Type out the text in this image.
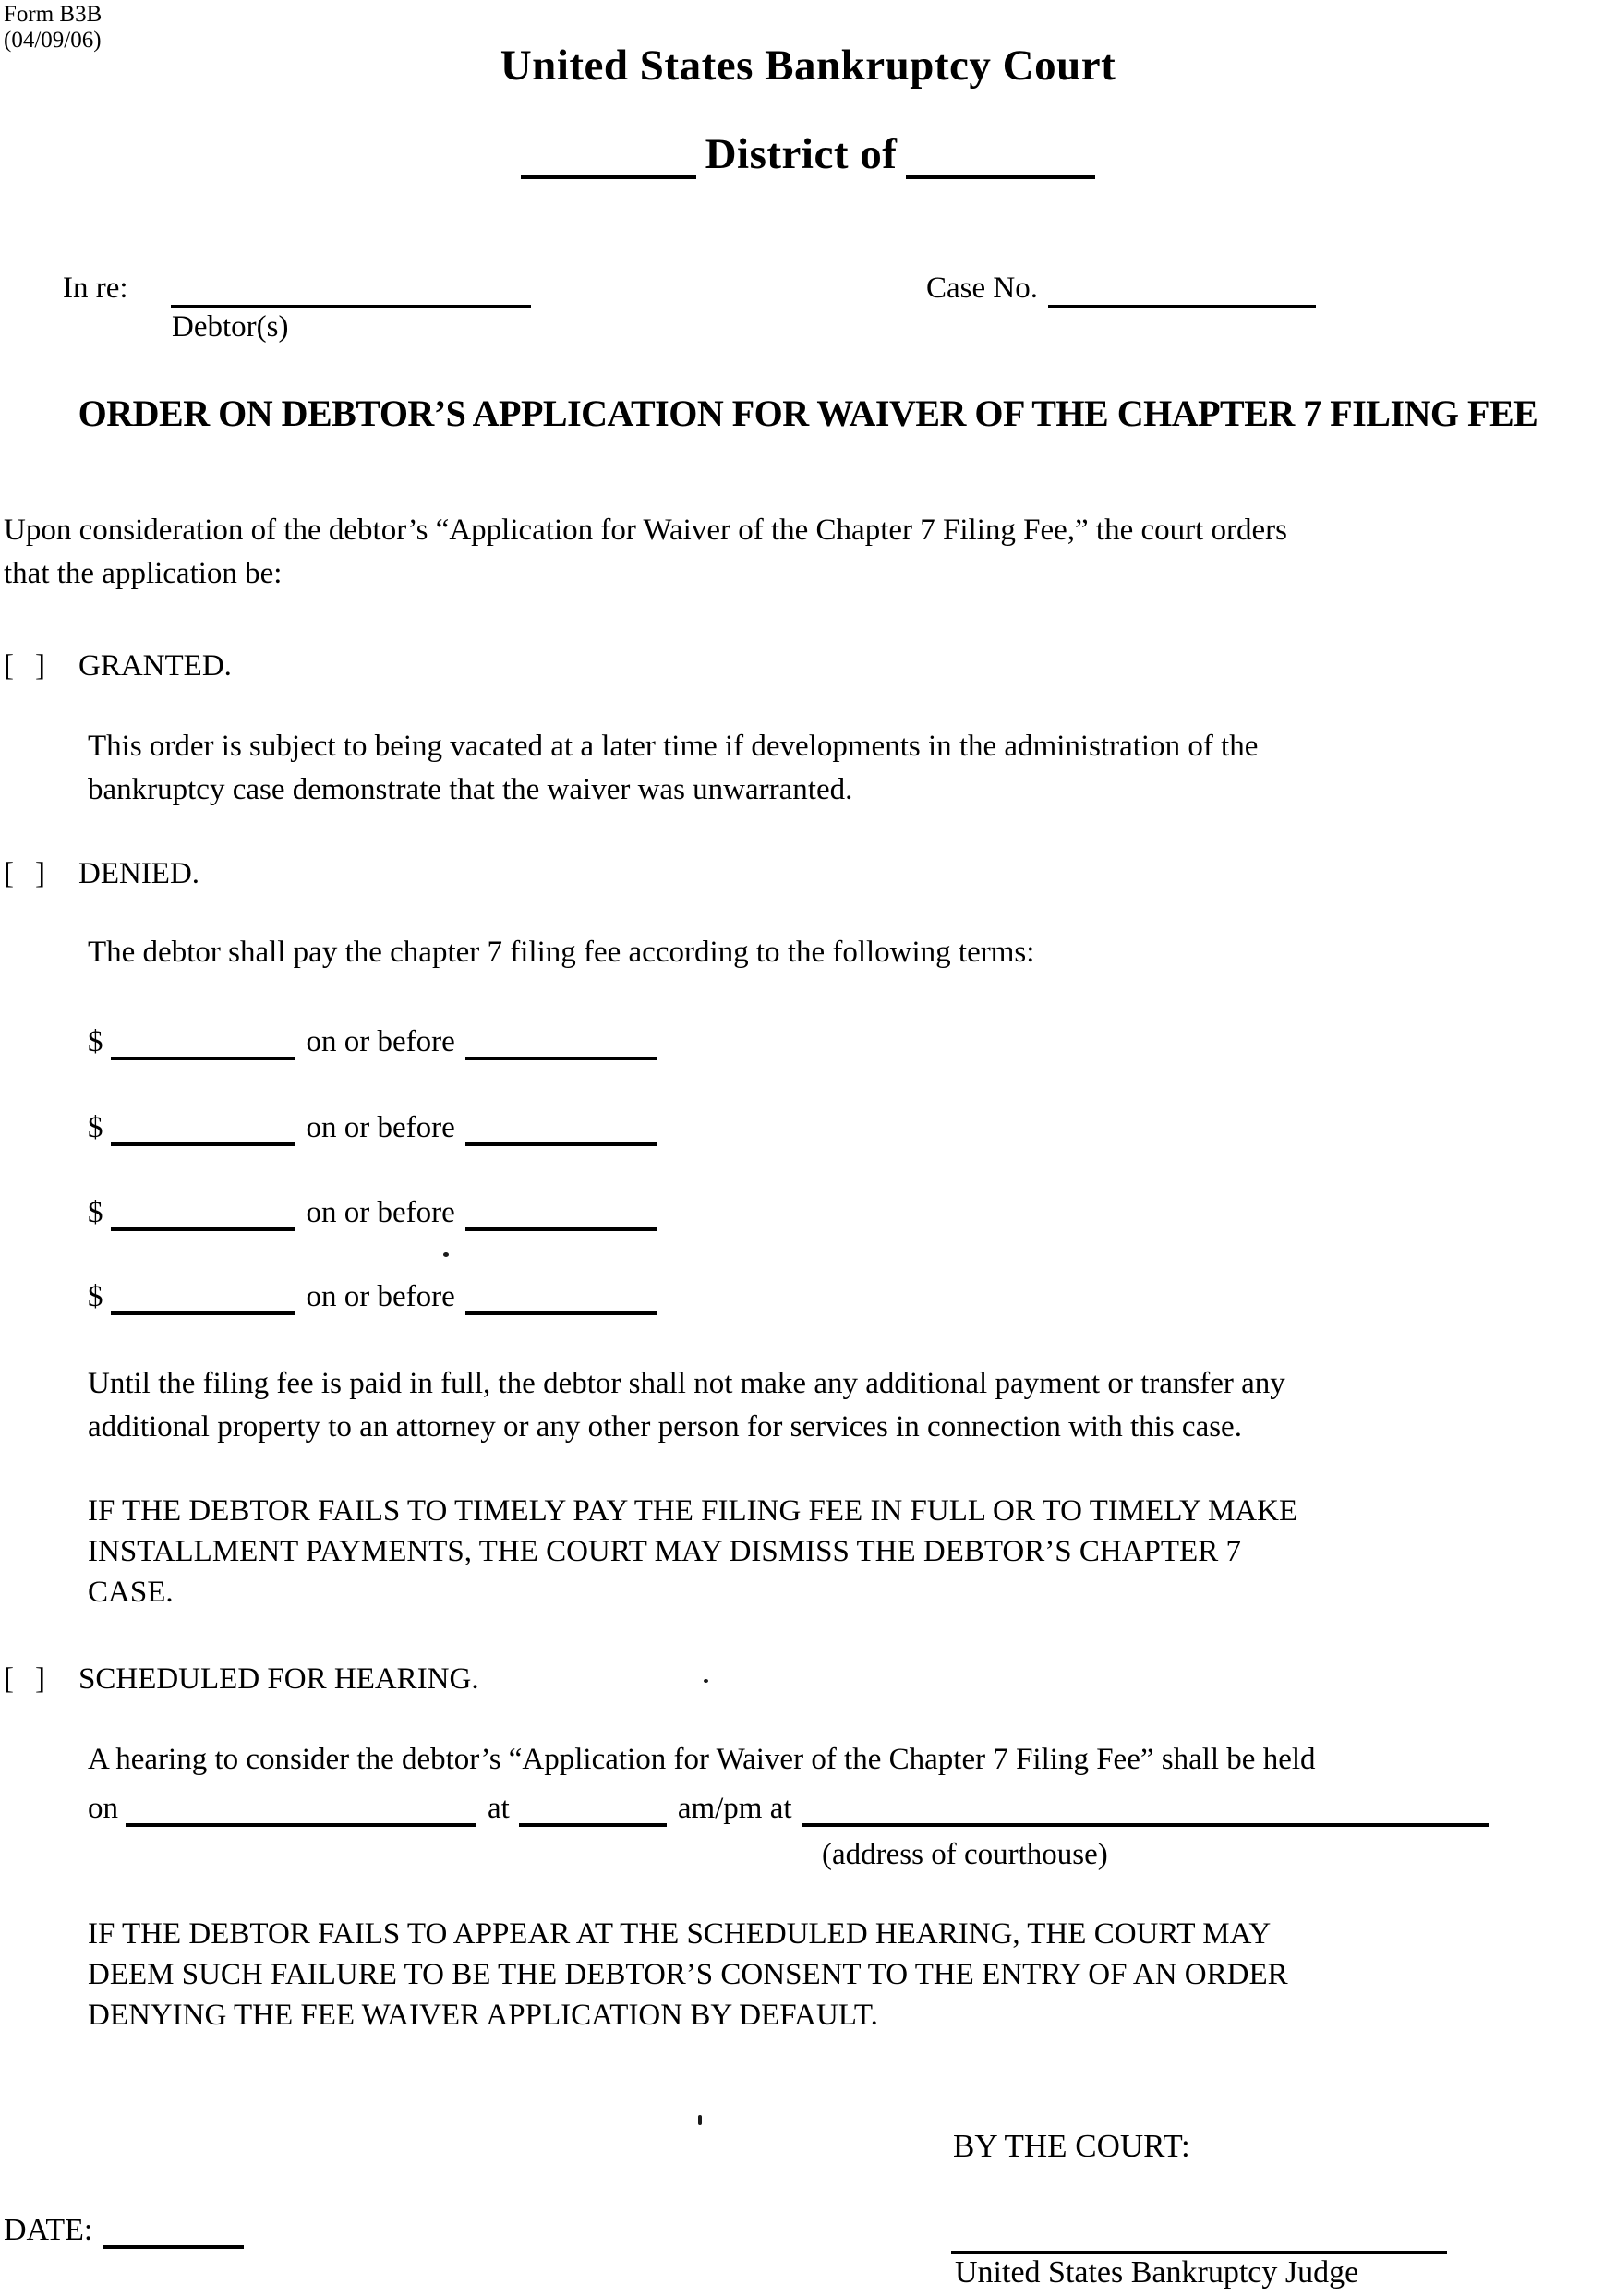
Form B3B
(04/09/06)
United States Bankruptcy Court
District of
In re:
Debtor(s)
Case No.
ORDER ON DEBTOR’S APPLICATION FOR WAIVER OF THE CHAPTER 7 FILING FEE
Upon consideration of the debtor’s “Application for Waiver of the Chapter 7 Filing Fee,” the court orders
that the application be:
[ ] GRANTED.
This order is subject to being vacated at a later time if developments in the administration of the
bankruptcy case demonstrate that the waiver was unwarranted.
[ ] DENIED.
The debtor shall pay the chapter 7 filing fee according to the following terms:
$	on or before
$	on or before
$	on or before
$	on or before
Until the filing fee is paid in full, the debtor shall not make any additional payment or transfer any
additional property to an attorney or any other person for services in connection with this case.
IF THE DEBTOR FAILS TO TIMELY PAY THE FILING FEE IN FULL OR TO TIMELY MAKE
INSTALLMENT PAYMENTS, THE COURT MAY DISMISS THE DEBTOR’S CHAPTER 7
CASE.
[ ] SCHEDULED FOR HEARING.
A hearing to consider the debtor’s “Application for Waiver of the Chapter 7 Filing Fee” shall be held
on	at	am/pm at
(address of courthouse)
IF THE DEBTOR FAILS TO APPEAR AT THE SCHEDULED HEARING, THE COURT MAY
DEEM SUCH FAILURE TO BE THE DEBTOR’S CONSENT TO THE ENTRY OF AN ORDER
DENYING THE FEE WAIVER APPLICATION BY DEFAULT.
BY THE COURT:
DATE:
United States Bankruptcy Judge
